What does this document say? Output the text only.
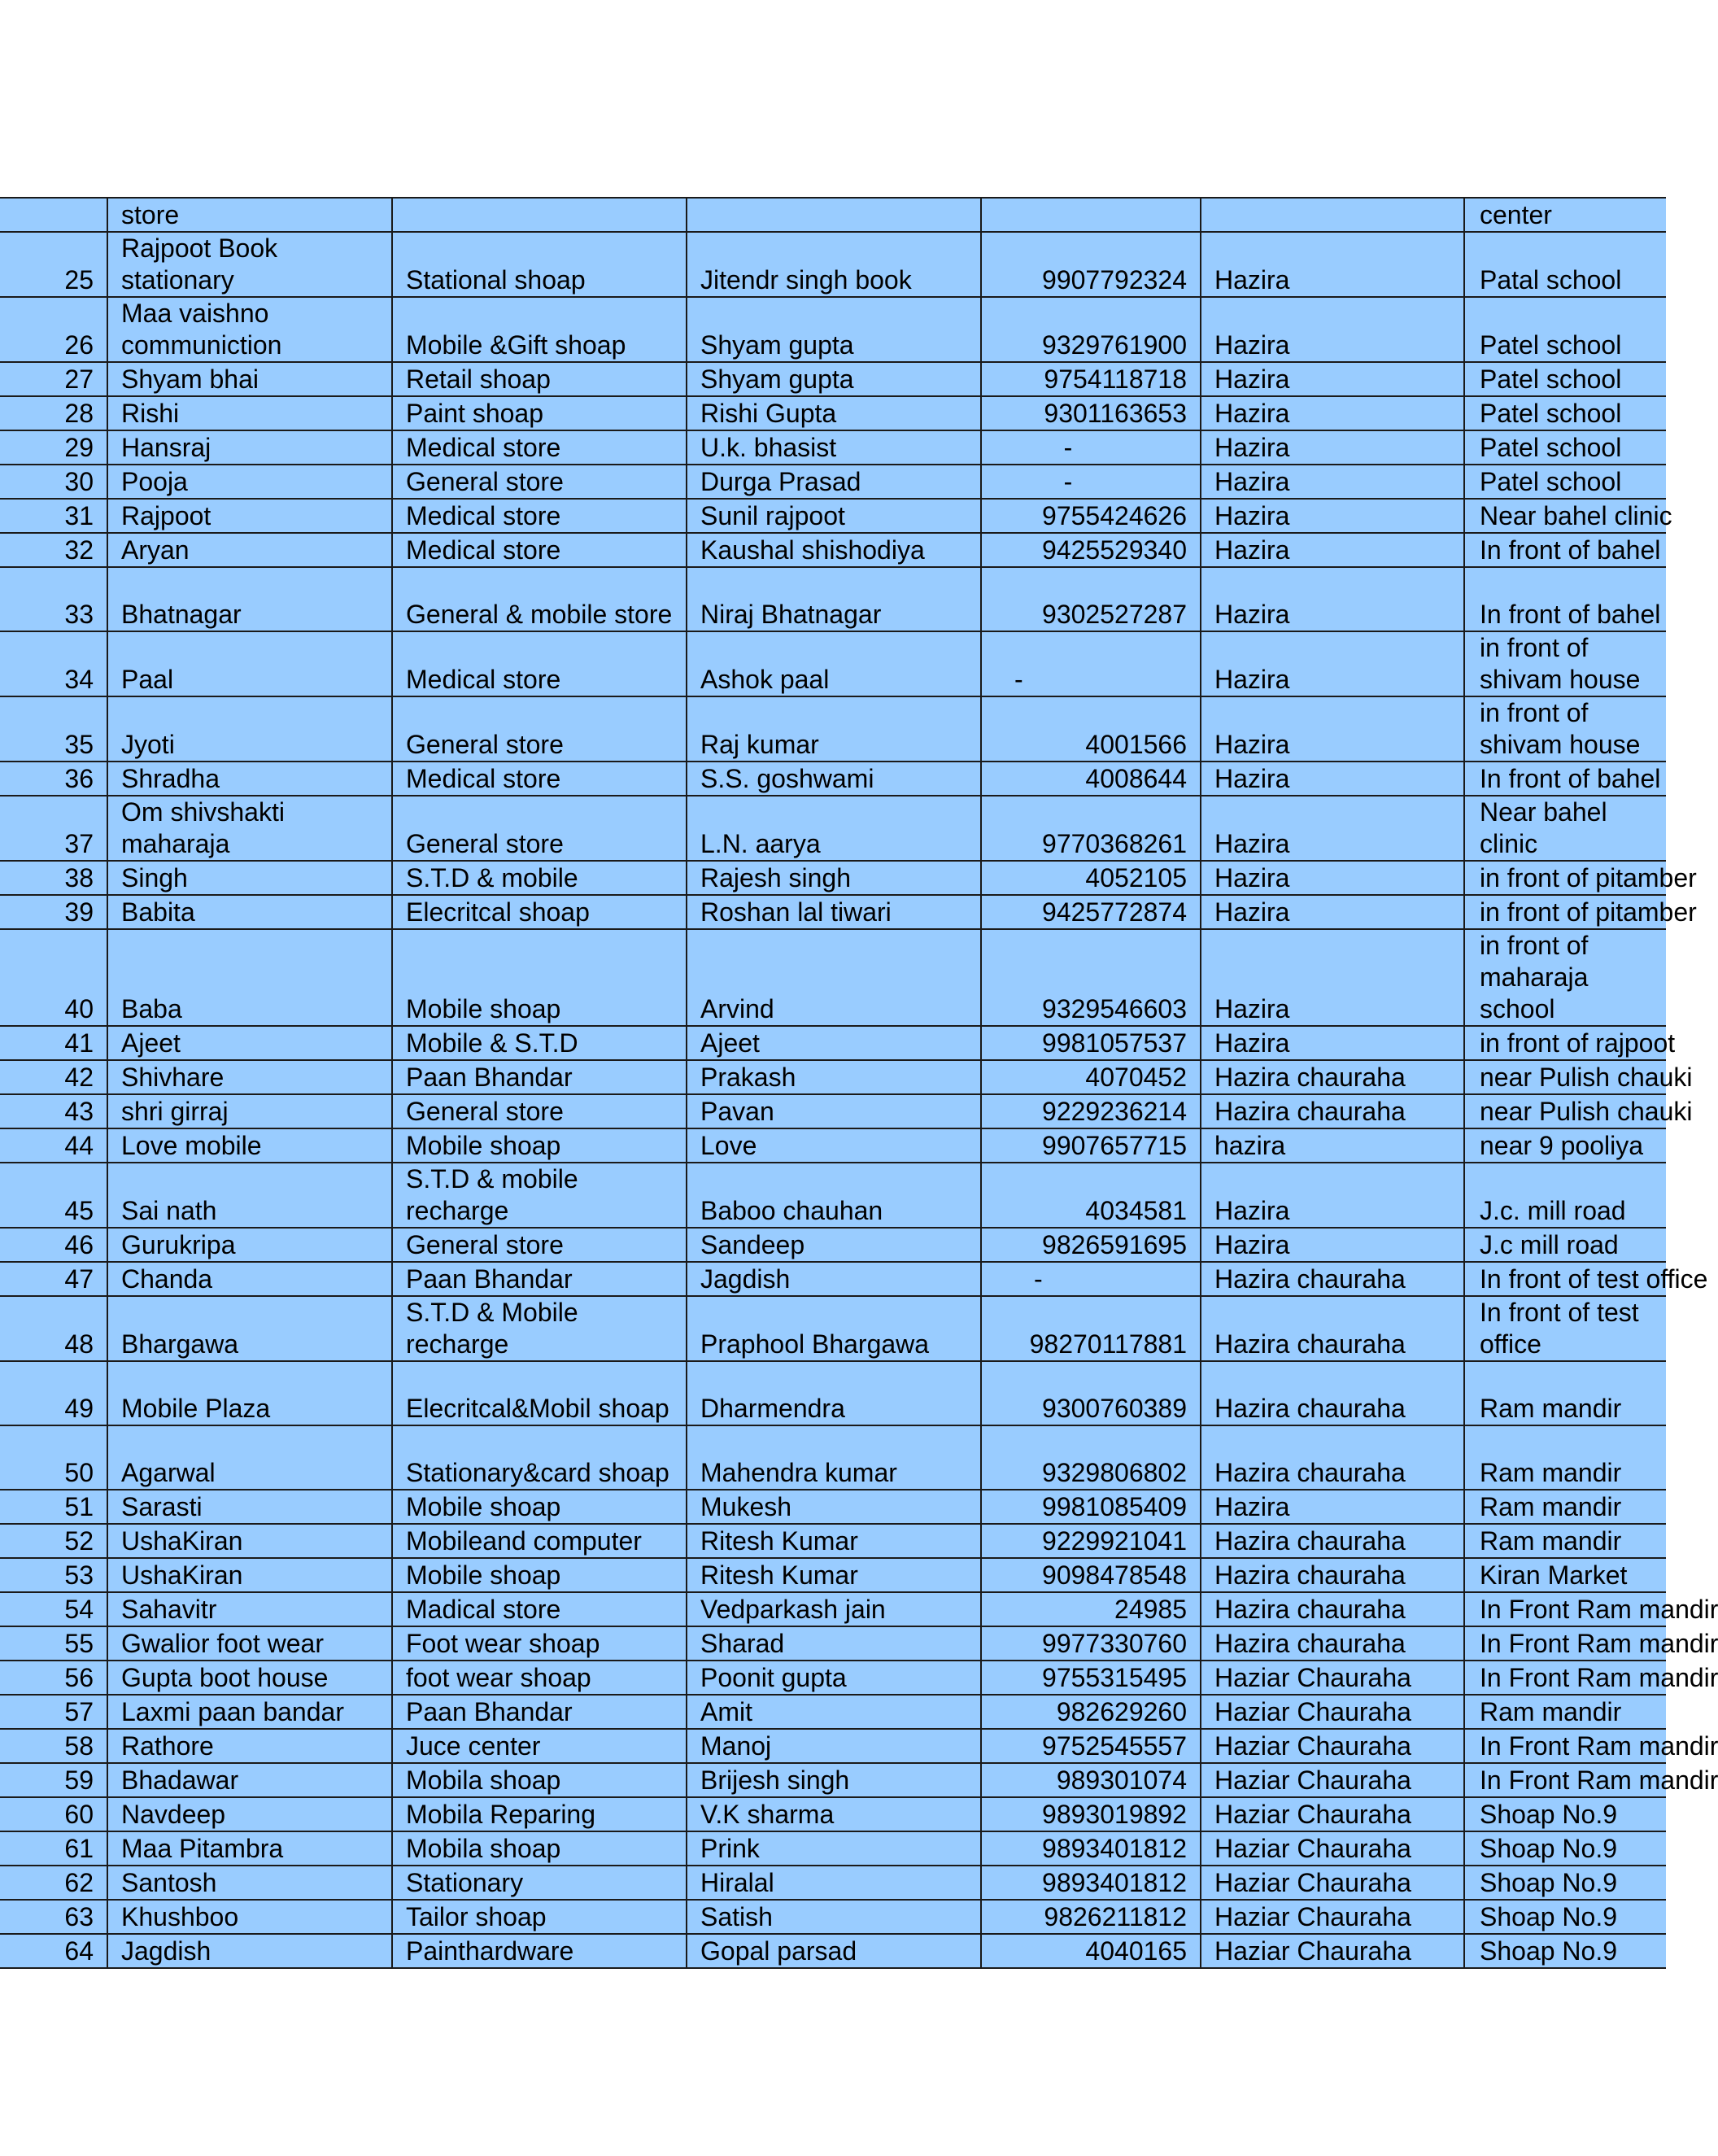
	store					center
25	Rajpoot Book stationary	Stational shoap	Jitendr singh book	9907792324	Hazira	Patal school
26	Maa vaishno communiction	Mobile &Gift shoap	Shyam gupta	9329761900	Hazira	Patel school
27	Shyam bhai	Retail shoap	Shyam gupta	9754118718	Hazira	Patel school
28	Rishi	Paint shoap	Rishi Gupta	9301163653	Hazira	Patel school
29	Hansraj	Medical store	U.k. bhasist	-	Hazira	Patel school
30	Pooja	General store	Durga Prasad	-	Hazira	Patel school
31	Rajpoot	Medical store	Sunil rajpoot	9755424626	Hazira	Near bahel clinic
32	Aryan	Medical store	Kaushal shishodiya	9425529340	Hazira	In front of bahel
33	Bhatnagar	General & mobile store	Niraj Bhatnagar	9302527287	Hazira	In front of bahel
34	Paal	Medical store	Ashok paal	-	Hazira	in front of shivam house
35	Jyoti	General store	Raj kumar	4001566	Hazira	in front of shivam house
36	Shradha	Medical store	S.S. goshwami	4008644	Hazira	In front of bahel
37	Om shivshakti maharaja	General store	L.N. aarya	9770368261	Hazira	Near bahel clinic
38	Singh	S.T.D & mobile	Rajesh singh	4052105	Hazira	in front of pitamber
39	Babita	Elecritcal shoap	Roshan lal tiwari	9425772874	Hazira	in front of pitamber
40	Baba	Mobile shoap	Arvind	9329546603	Hazira	in front of maharaja school
41	Ajeet	Mobile & S.T.D	Ajeet	9981057537	Hazira	in front of rajpoot
42	Shivhare	Paan Bhandar	Prakash	4070452	Hazira chauraha	near Pulish chauki
43	shri girraj	General store	Pavan	9229236214	Hazira chauraha	near Pulish chauki
44	Love mobile	Mobile shoap	Love	9907657715	hazira	near 9 pooliya
45	Sai nath	S.T.D & mobile recharge	Baboo chauhan	4034581	Hazira	J.c. mill road
46	Gurukripa	General store	Sandeep	9826591695	Hazira	J.c mill road
47	Chanda	Paan Bhandar	Jagdish	-	Hazira chauraha	In front of test office
48	Bhargawa	S.T.D & Mobile recharge	Praphool Bhargawa	98270117881	Hazira chauraha	In front of test office
49	Mobile Plaza	Elecritcal&Mobil shoap	Dharmendra	9300760389	Hazira chauraha	Ram mandir
50	Agarwal	Stationary&card shoap	Mahendra kumar	9329806802	Hazira chauraha	Ram mandir
51	Sarasti	Mobile shoap	Mukesh	9981085409	Hazira	Ram mandir
52	UshaKiran	Mobileand computer	Ritesh Kumar	9229921041	Hazira chauraha	Ram mandir
53	UshaKiran	Mobile shoap	Ritesh Kumar	9098478548	Hazira chauraha	Kiran Market
54	Sahavitr	Madical store	Vedparkash jain	24985	Hazira chauraha	In Front Ram mandir
55	Gwalior foot wear	Foot wear shoap	Sharad	9977330760	Hazira chauraha	In Front Ram mandir
56	Gupta boot house	foot wear shoap	Poonit gupta	9755315495	Haziar Chauraha	In Front Ram mandir
57	Laxmi paan bandar	Paan Bhandar	Amit	982629260	Haziar Chauraha	Ram mandir
58	Rathore	Juce center	Manoj	9752545557	Haziar Chauraha	In Front Ram mandir
59	Bhadawar	Mobila shoap	Brijesh singh	989301074	Haziar Chauraha	In Front Ram mandir
60	Navdeep	Mobila Reparing	V.K sharma	9893019892	Haziar Chauraha	Shoap No.9
61	Maa Pitambra	Mobila shoap	Prink	9893401812	Haziar Chauraha	Shoap No.9
62	Santosh	Stationary	Hiralal	9893401812	Haziar Chauraha	Shoap No.9
63	Khushboo	Tailor shoap	Satish	9826211812	Haziar Chauraha	Shoap No.9
64	Jagdish	Painthardware	Gopal parsad	4040165	Haziar Chauraha	Shoap No.9
